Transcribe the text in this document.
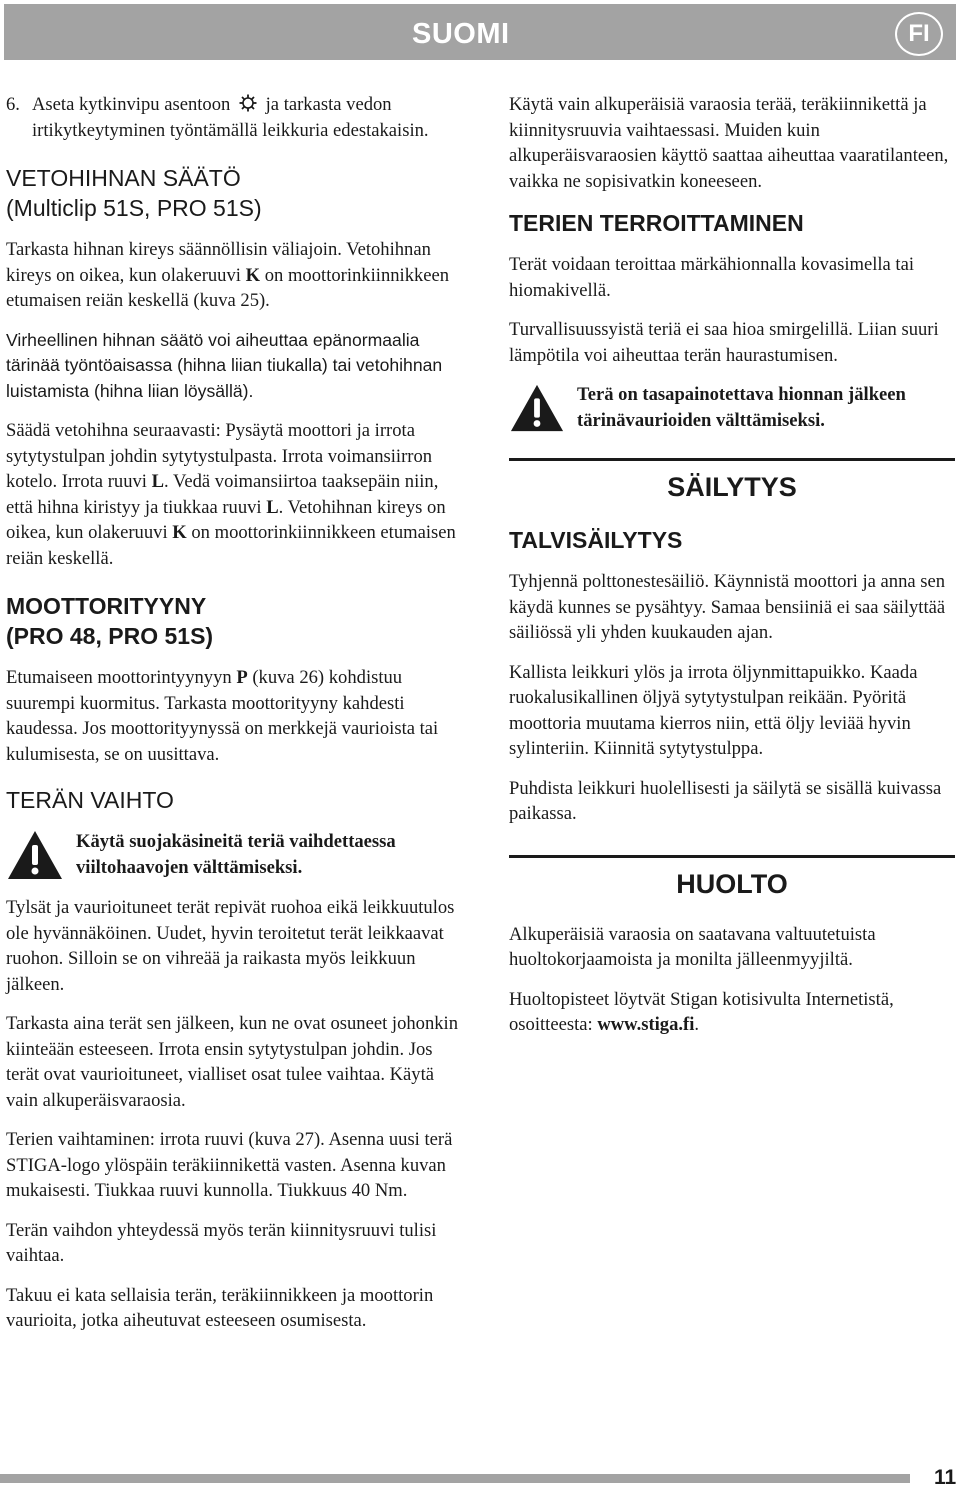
SUOMI	FI

6. Aseta kytkinvipu asentoon ja tarkasta vedon irtikytkeytyminen työntämällä leikkuria edestakaisin.

VETOHIHNAN SÄÄTÖ
(Multiclip 51S, PRO 51S)

Tarkasta hihnan kireys säännöllisin väliajoin. Vetohihnan kireys on oikea, kun olakeruuvi K on moottorinkiinnikkeen etumaisen reiän keskellä (kuva 25).

Virheellinen hihnan säätö voi aiheuttaa epänormaalia tärinää työntöaisassa (hihna liian tiukalla) tai vetohihnan luistamista (hihna liian löysällä).

Säädä vetohihna seuraavasti: Pysäytä moottori ja irrota sytytystulpan johdin sytytystulpasta. Irrota voimansiirron kotelo. Irrota ruuvi L. Vedä voimansiirtoa taaksepäin niin, että hihna kiristyy ja tiukkaa ruuvi L. Vetohihnan kireys on oikea, kun olakeruuvi K on moottorinkiinnikkeen etumaisen reiän keskellä.

MOOTTORITYYNY
(PRO 48, PRO 51S)

Etumaiseen moottorintyynyyn P (kuva 26) kohdistuu suurempi kuormitus. Tarkasta moottorityyny kahdesti kaudessa. Jos moottorityynyssä on merkkejä vaurioista tai kulumisesta, se on uusittava.

TERÄN VAIHTO
Käytä suojakäsineitä teriä vaihdettaessa viiltohaavojen välttämiseksi.

Tylsät ja vaurioituneet terät repivät ruohoa eikä leikkuutulos ole hyvännäköinen. Uudet, hyvin teroitetut terät leikkaavat ruohon. Silloin se on vihreää ja raikasta myös leikkuun jälkeen.

Tarkasta aina terät sen jälkeen, kun ne ovat osuneet johonkin kiinteään esteeseen. Irrota ensin sytytystulpan johdin. Jos terät ovat vaurioituneet, vialliset osat tulee vaihtaa. Käytä vain alkuperäisvaraosia.

Terien vaihtaminen: irrota ruuvi (kuva 27). Asenna uusi terä STIGA-logo ylöspäin teräkiinnikettä vasten. Asenna kuvan mukaisesti. Tiukkaa ruuvi kunnolla. Tiukkuus 40 Nm.

Terän vaihdon yhteydessä myös terän kiinnitysruuvi tulisi vaihtaa.

Takuu ei kata sellaisia terän, teräkiinnikkeen ja moottorin vaurioita, jotka aiheutuvat esteeseen osumisesta.

Käytä vain alkuperäisiä varaosia terää, teräkiinnikettä ja kiinnitysruuvia vaihtaessasi. Muiden kuin alkuperäisvaraosien käyttö saattaa aiheuttaa vaaratilanteen, vaikka ne sopisivatkin koneeseen.

TERIEN TERROITTAMINEN

Terät voidaan teroittaa märkähionnalla kovasimella tai hiomakivellä.

Turvallisuussyistä teriä ei saa hioa smirgelillä. Liian suuri lämpötila voi aiheuttaa terän haurastumisen.

Terä on tasapainotettava hionnan jälkeen tärinävaurioiden välttämiseksi.
SÄILYTYS
TALVISÄILYTYS

Tyhjennä polttonestesäiliö. Käynnistä moottori ja anna sen käydä kunnes se pysähtyy. Samaa bensiiniä ei saa säilyttää säiliössä yli yhden kuukauden ajan.

Kallista leikkuri ylös ja irrota öljynmittapuikko. Kaada ruokalusikallinen öljyä sytytystulpan reikään. Pyöritä moottoria muutama kierros niin, että öljy leviää hyvin sylinteriin. Kiinnitä sytytystulppa.

Puhdista leikkuri huolellisesti ja säilytä se sisällä kuivassa paikassa.

HUOLTO

Alkuperäisiä varaosia on saatavana valtuutetuista huoltokorjaamoista ja monilta jälleenmyyjiltä.

Huoltopisteet löytvät Stigan kotisivulta Internetistä, osoitteesta: www.stiga.fi.

11
